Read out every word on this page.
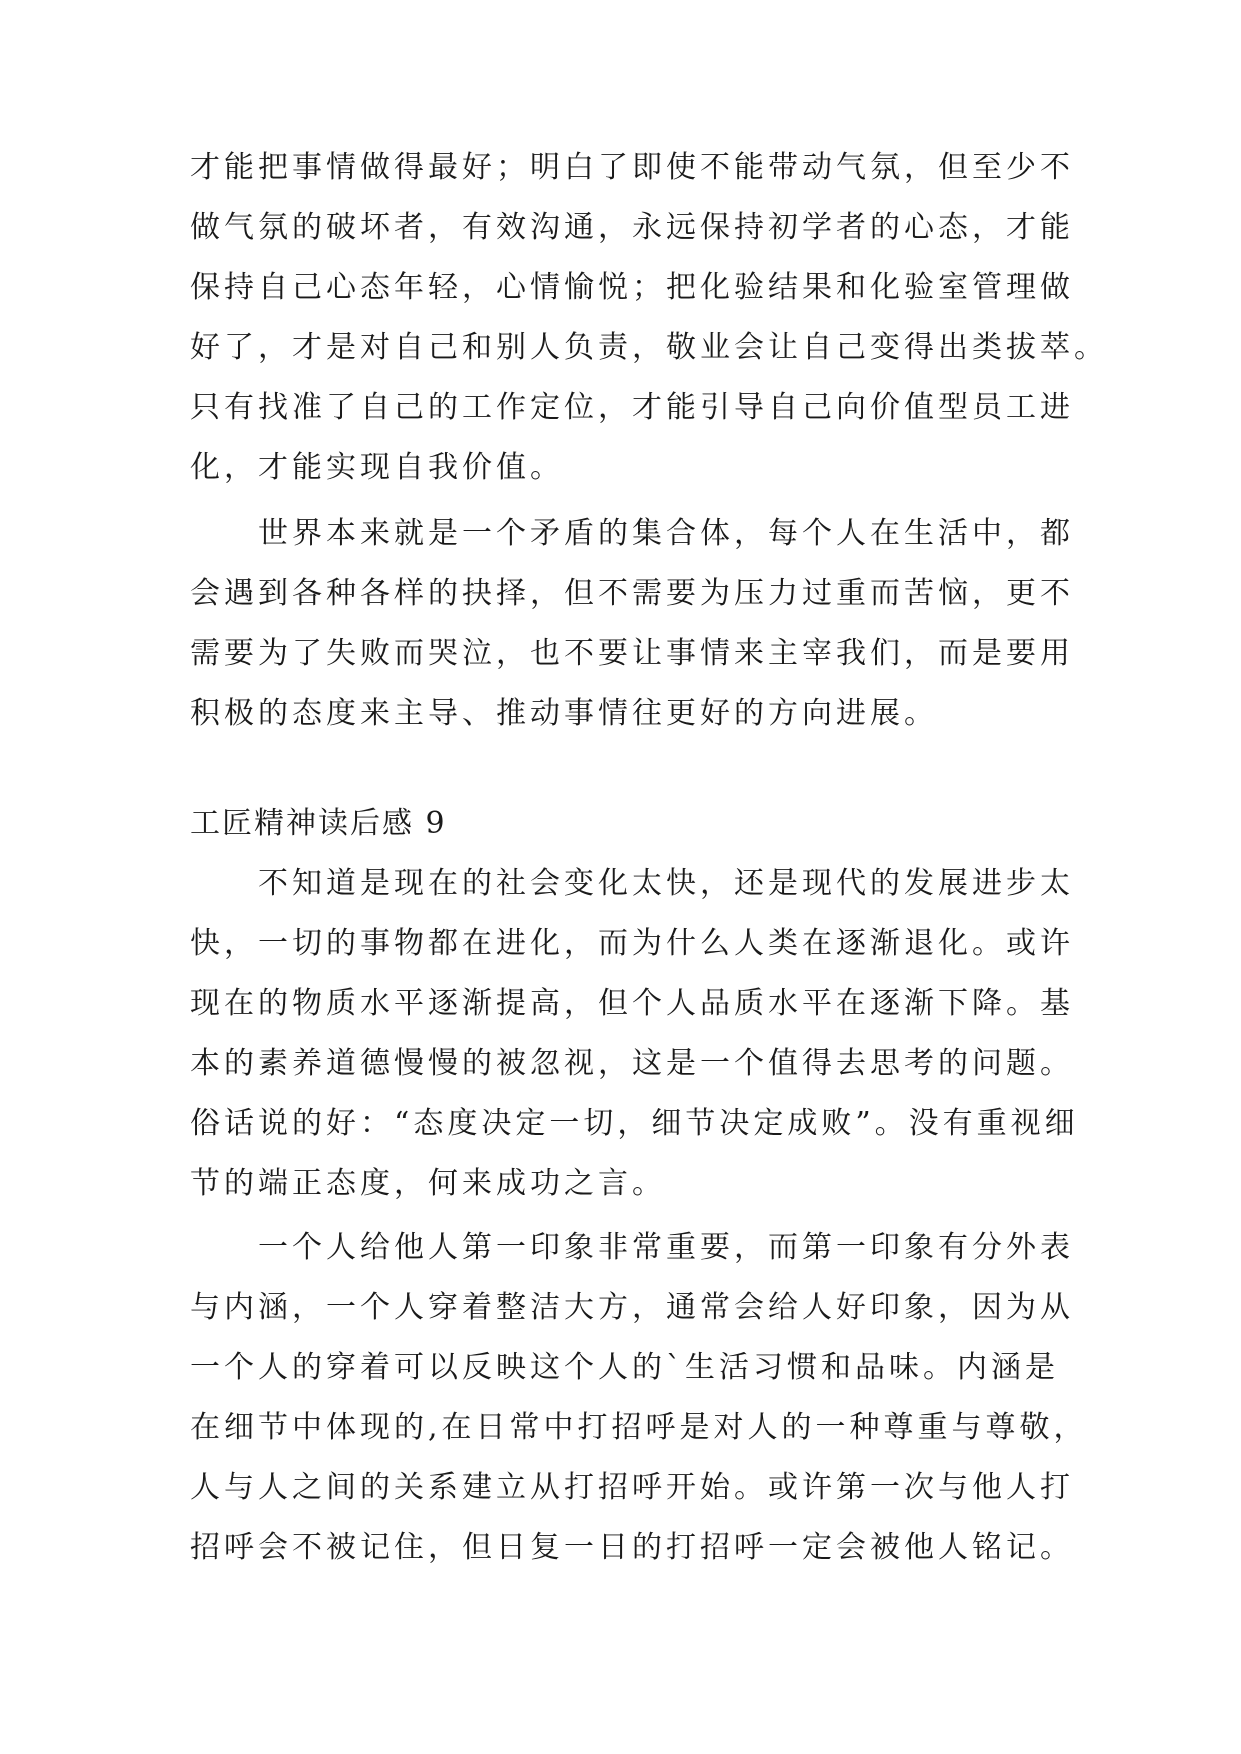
才能把事情做得最好；明白了即使不能带动气氛，但至少不
做气氛的破坏者，有效沟通，永远保持初学者的心态，才能
保持自己心态年轻，心情愉悦；把化验结果和化验室管理做
好了，才是对自己和别人负责，敬业会让自己变得出类拔萃。
只有找准了自己的工作定位，才能引导自己向价值型员工进
化，才能实现自我价值。
世界本来就是一个矛盾的集合体，每个人在生活中，都
会遇到各种各样的抉择，但不需要为压力过重而苦恼，更不
需要为了失败而哭泣，也不要让事情来主宰我们，而是要用
积极的态度来主导、推动事情往更好的方向进展。
工匠精神读后感 9
不知道是现在的社会变化太快，还是现代的发展进步太
快，一切的事物都在进化，而为什么人类在逐渐退化。或许
现在的物质水平逐渐提高，但个人品质水平在逐渐下降。基
本的素养道德慢慢的被忽视，这是一个值得去思考的问题。
俗话说的好：“态度决定一切，细节决定成败”。没有重视细
节的端正态度，何来成功之言。
一个人给他人第一印象非常重要，而第一印象有分外表
与内涵，一个人穿着整洁大方，通常会给人好印象，因为从
一个人的穿着可以反映这个人的`生活习惯和品味。内涵是
在细节中体现的,在日常中打招呼是对人的一种尊重与尊敬，
人与人之间的关系建立从打招呼开始。或许第一次与他人打
招呼会不被记住，但日复一日的打招呼一定会被他人铭记。
